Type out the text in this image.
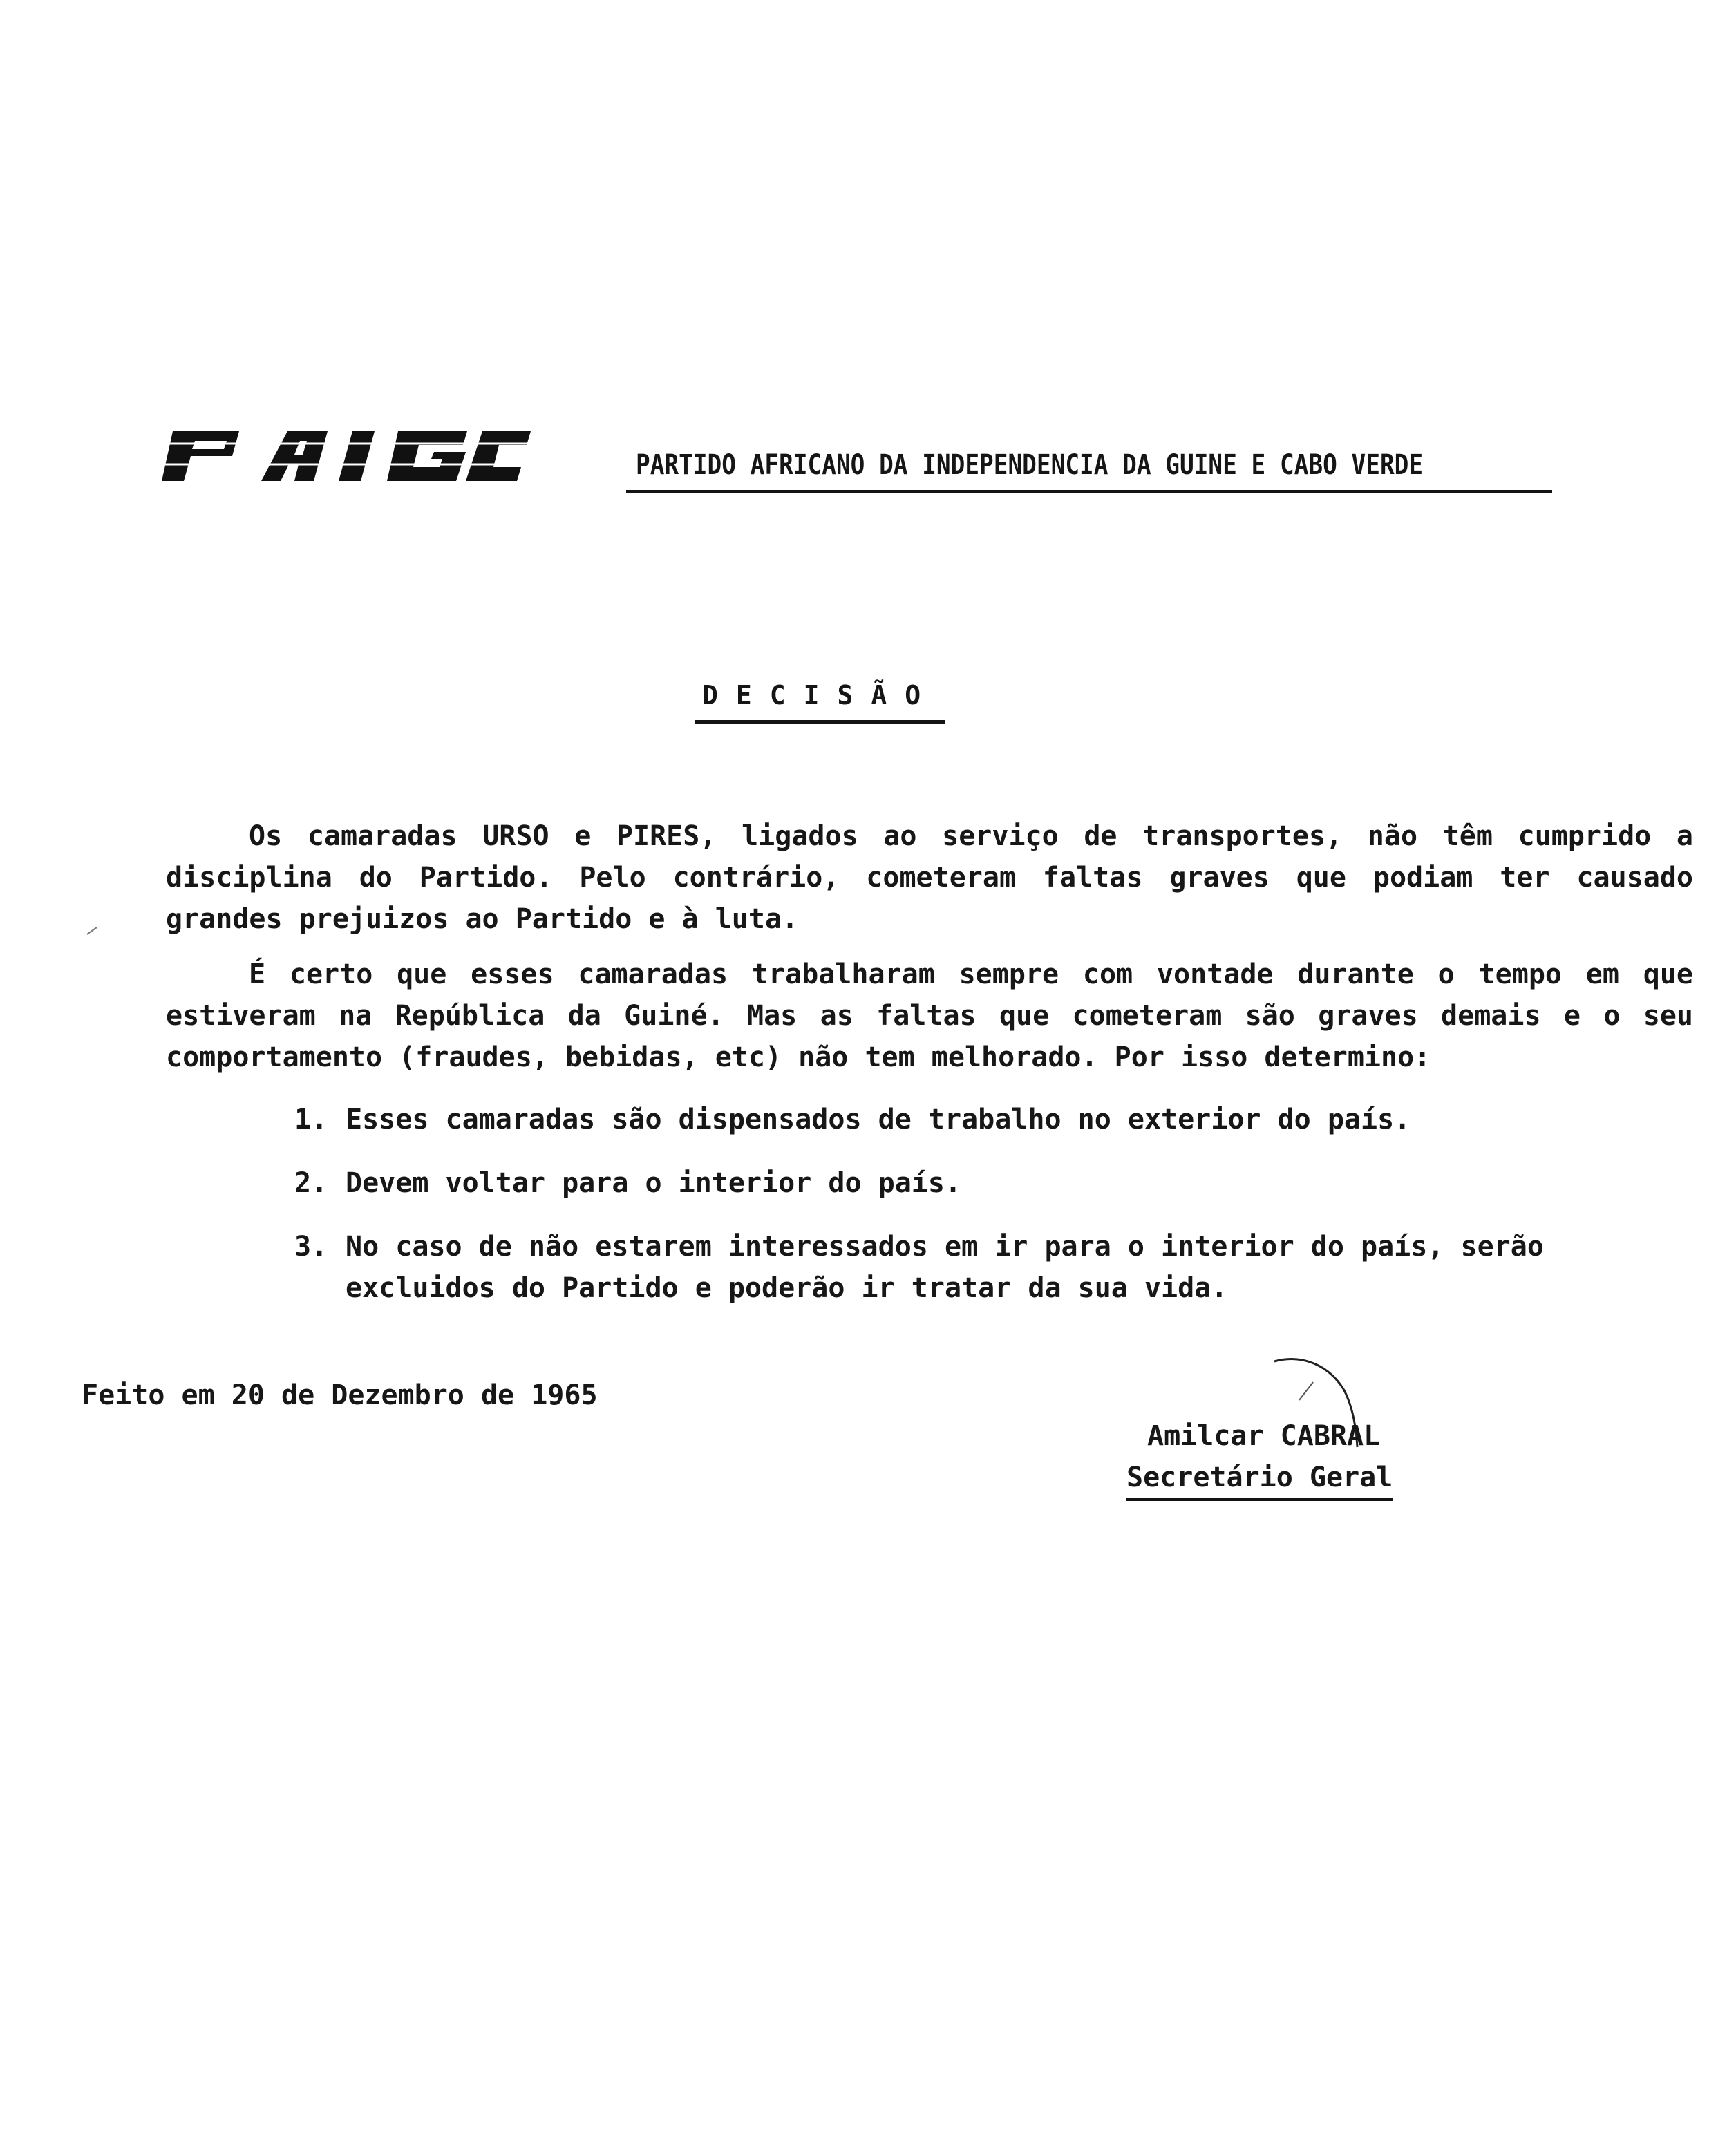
PARTIDO AFRICANO DA INDEPENDENCIA DA GUINE E CABO VERDE
DECISÃO

Os camaradas URSO e PIRES, ligados ao serviço de transportes, não têm cumprido a disciplina do Partido. Pelo contrário, cometeram faltas graves que podiam ter causado grandes prejuizos ao Partido e à luta.

É certo que esses camaradas trabalharam sempre com vontade durante o tempo em que estiveram na República da Guiné. Mas as faltas que cometeram são graves demais e o seu comportamento (fraudes, bebidas, etc) não tem melhorado. Por isso determino:

1. Esses camaradas são dispensados de trabalho no exterior do país.
2. Devem voltar para o interior do país.
3. No caso de não estarem interessados em ir para o interior do país, serão excluidos do Partido e poderão ir tratar da sua vida.
Feito em 20 de Dezembro de 1965
Amilcar CABRAL
Secretário Geral
